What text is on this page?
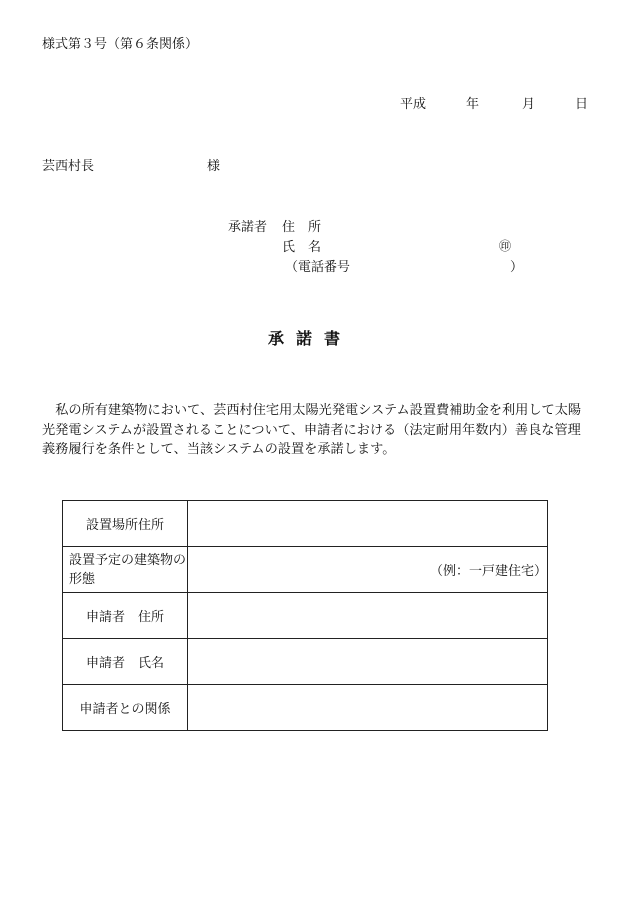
様式第３号（第６条関係）
平成	年	月	日
芸西村長	様
承諾者 住　所
氏　名	㊞
（電話番号	）
承諾書
私の所有建築物において、芸西村住宅用太陽光発電システム設置費補助金を利用して太陽光発電システムが設置されることについて、申請者における（法定耐用年数内）善良な管理義務履行を条件として、当該システムの設置を承諾します。
設置場所住所	
設置予定の建築物の形態	（例：一戸建住宅）
申請者　住所	
申請者　氏名	
申請者との関係	
